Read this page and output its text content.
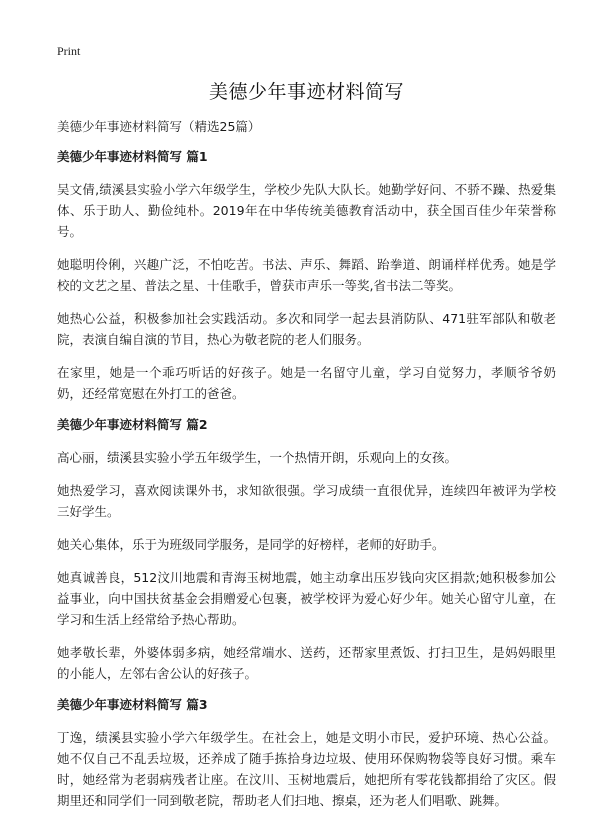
Print
美德少年事迹材料简写
美德少年事迹材料简写（精选25篇）
美德少年事迹材料简写 篇1

吴文倩,绩溪县实验小学六年级学生，学校少先队大队长。她勤学好问、不骄不躁、热爱集体、乐于助人、勤俭纯朴。2019年在中华传统美德教育活动中，获全国百佳少年荣誉称号。

她聪明伶俐，兴趣广泛，不怕吃苦。书法、声乐、舞蹈、跆拳道、朗诵样样优秀。她是学校的文艺之星、普法之星、十佳歌手，曾获市声乐一等奖,省书法二等奖。

她热心公益，积极参加社会实践活动。多次和同学一起去县消防队、471驻军部队和敬老院，表演自编自演的节目，热心为敬老院的老人们服务。

在家里，她是一个乖巧听话的好孩子。她是一名留守儿童，学习自觉努力，孝顺爷爷奶奶，还经常宽慰在外打工的爸爸。

美德少年事迹材料简写 篇2

高心丽，绩溪县实验小学五年级学生，一个热情开朗，乐观向上的女孩。

她热爱学习，喜欢阅读课外书，求知欲很强。学习成绩一直很优异，连续四年被评为学校三好学生。

她关心集体，乐于为班级同学服务，是同学的好榜样，老师的好助手。

她真诚善良，512汶川地震和青海玉树地震，她主动拿出压岁钱向灾区捐款;她积极参加公益事业，向中国扶贫基金会捐赠爱心包裹，被学校评为爱心好少年。她关心留守儿童，在学习和生活上经常给予热心帮助。

她孝敬长辈，外婆体弱多病，她经常端水、送药，还帮家里煮饭、打扫卫生，是妈妈眼里的小能人，左邻右舍公认的好孩子。

美德少年事迹材料简写 篇3

丁逸，绩溪县实验小学六年级学生。在社会上，她是文明小市民，爱护环境、热心公益。她不仅自己不乱丢垃圾，还养成了随手拣拾身边垃圾、使用环保购物袋等良好习惯。乘车时，她经常为老弱病残者让座。在汶川、玉树地震后，她把所有零花钱都捐给了灾区。假期里还和同学们一同到敬老院，帮助老人们扫地、擦桌，还为老人们唱歌、跳舞。
